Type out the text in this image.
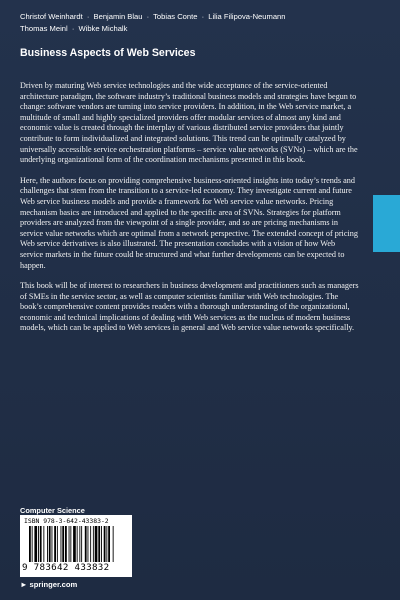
Christof Weinhardt · Benjamin Blau · Tobias Conte · Lilia Filipova-Neumann
Thomas Meinl · Wibke Michalk
Business Aspects of Web Services

Driven by maturing Web service technologies and the wide acceptance of the service-oriented architecture paradigm, the software industry’s traditional business models and strategies have begun to change: software vendors are turning into service providers. In addition, in the Web service market, a multitude of small and highly specialized providers offer modular services of almost any kind and economic value is created through the interplay of various distributed service providers that jointly contribute to form individualized and integrated solutions. This trend can be optimally catalyzed by universally accessible service orchestration platforms – service value networks (SVNs) – which are the underlying organizational form of the coordination mechanisms presented in this book.

Here, the authors focus on providing comprehensive business-oriented insights into today’s trends and challenges that stem from the transition to a service-led economy. They investigate current and future Web service business models and provide a framework for Web service value networks. Pricing mechanism basics are introduced and applied to the specific area of SVNs. Strategies for platform providers are analyzed from the viewpoint of a single provider, and so are pricing mechanisms in service value networks which are optimal from a network perspective. The extended concept of pricing Web service derivatives is also illustrated. The presentation concludes with a vision of how Web service markets in the future could be structured and what further developments can be expected to happen.

This book will be of interest to researchers in business development and practitioners such as managers of SMEs in the service sector, as well as computer scientists familiar with Web technologies. The book’s comprehensive content provides readers with a thorough understanding of the organizational, economic and technical implications of dealing with Web services as the nucleus of modern business models, which can be applied to Web services in general and Web service value networks specifically.

Computer Science
ISBN 978-3-642-43383-2
9 783642 433832
► springer.com
